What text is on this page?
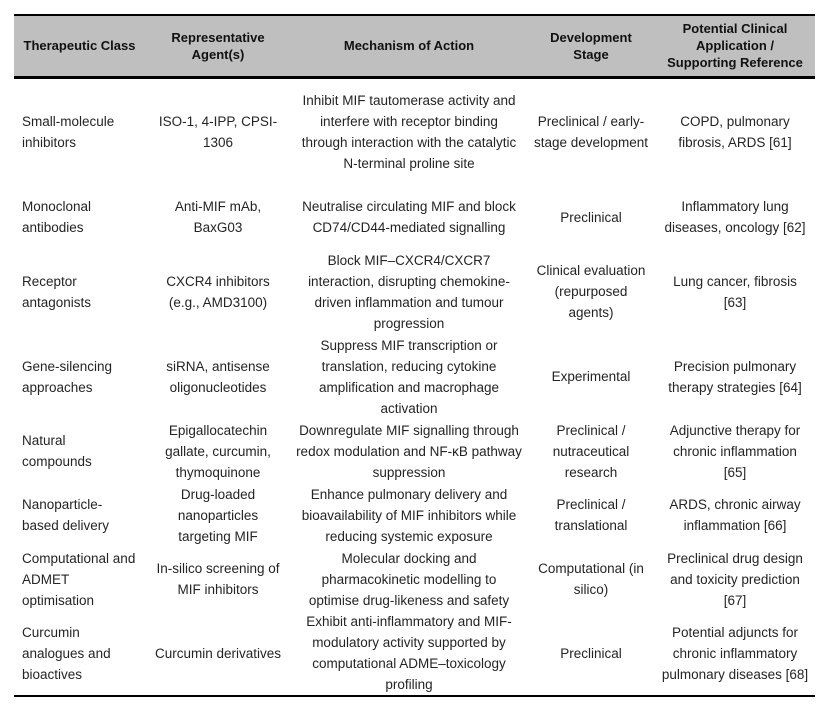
Therapeutic Class	Representative Agent(s)	Mechanism of Action	Development Stage	Potential Clinical Application / Supporting Reference
Small-molecule inhibitors	ISO-1, 4-IPP, CPSI-1306	Inhibit MIF tautomerase activity and interfere with receptor binding through interaction with the catalytic N-terminal proline site	Preclinical / early-stage development	COPD, pulmonary fibrosis, ARDS [61]
Monoclonal antibodies	Anti-MIF mAb, BaxG03	Neutralise circulating MIF and block CD74/CD44-mediated signalling	Preclinical	Inflammatory lung diseases, oncology [62]
Receptor antagonists	CXCR4 inhibitors (e.g., AMD3100)	Block MIF–CXCR4/CXCR7 interaction, disrupting chemokine-driven inflammation and tumour progression	Clinical evaluation (repurposed agents)	Lung cancer, fibrosis [63]
Gene-silencing approaches	siRNA, antisense oligonucleotides	Suppress MIF transcription or translation, reducing cytokine amplification and macrophage activation	Experimental	Precision pulmonary therapy strategies [64]
Natural compounds	Epigallocatechin gallate, curcumin, thymoquinone	Downregulate MIF signalling through redox modulation and NF-κB pathway suppression	Preclinical / nutraceutical research	Adjunctive therapy for chronic inflammation [65]
Nanoparticle-based delivery	Drug-loaded nanoparticles targeting MIF	Enhance pulmonary delivery and bioavailability of MIF inhibitors while reducing systemic exposure	Preclinical / translational	ARDS, chronic airway inflammation [66]
Computational and ADMET optimisation	In-silico screening of MIF inhibitors	Molecular docking and pharmacokinetic modelling to optimise drug-likeness and safety	Computational (in silico)	Preclinical drug design and toxicity prediction [67]
Curcumin analogues and bioactives	Curcumin derivatives	Exhibit anti-inflammatory and MIF-modulatory activity supported by computational ADME–toxicology profiling	Preclinical	Potential adjuncts for chronic inflammatory pulmonary diseases [68]
